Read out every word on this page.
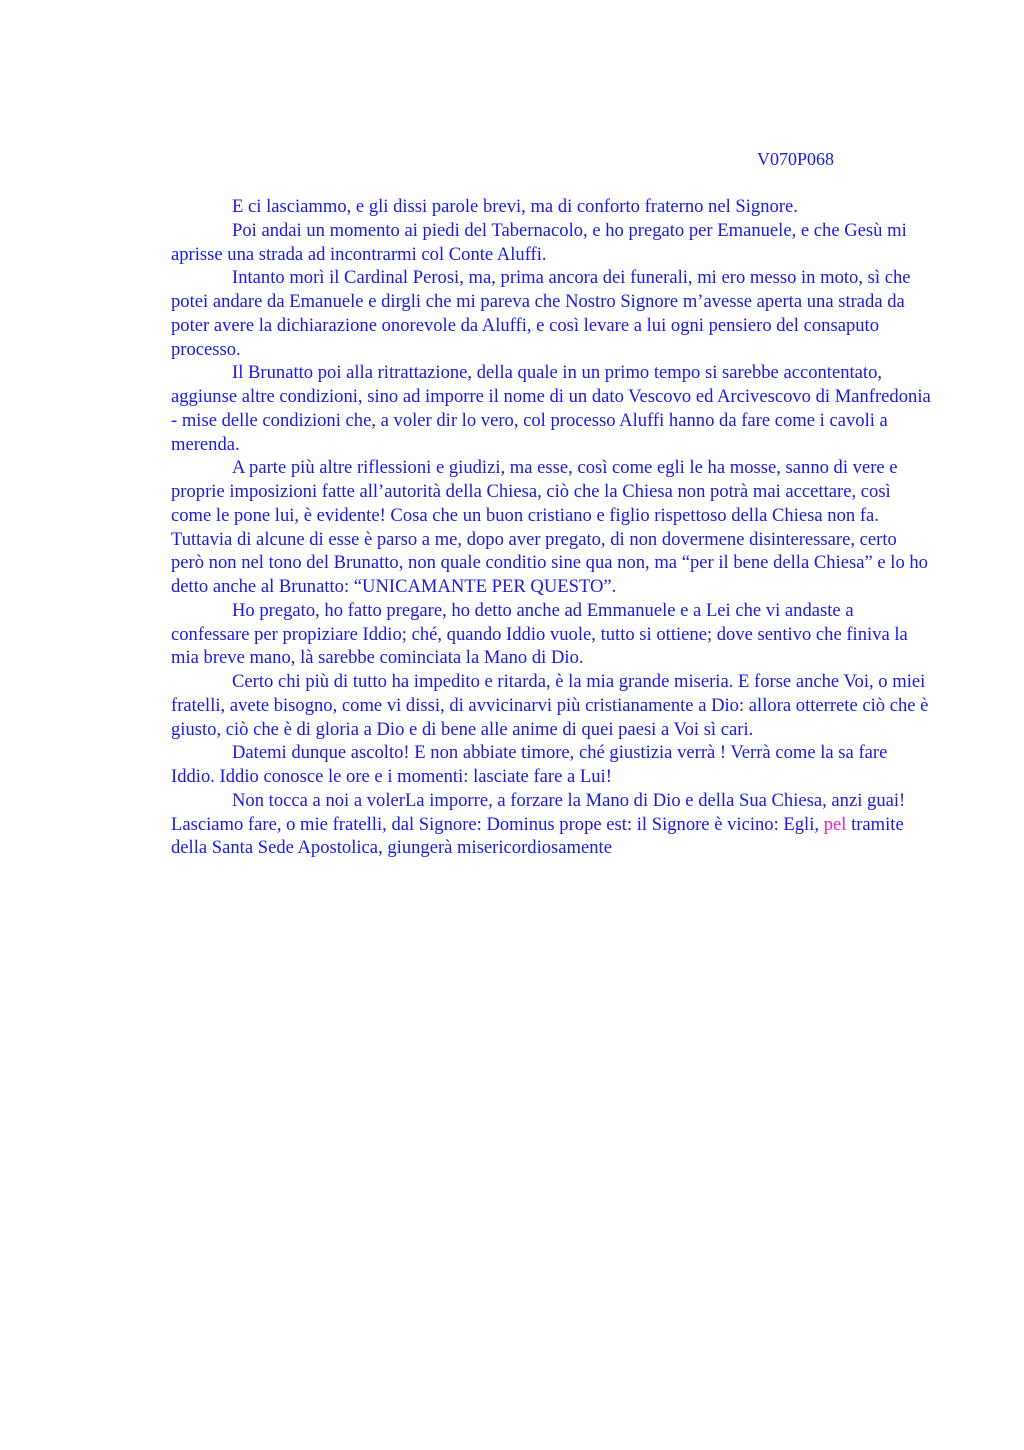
V070P068

E ci lasciammo, e gli dissi parole brevi, ma di conforto fraterno nel Signore.

Poi andai un momento ai piedi del Tabernacolo, e ho pregato per Emanuele, e che Gesù mi aprisse una strada ad incontrarmi col Conte Aluffi.

Intanto morì il Cardinal Perosi, ma, prima ancora dei funerali, mi ero messo in moto, sì che potei andare da Emanuele e dirgli che mi pareva che Nostro Signore m’avesse aperta una strada da poter avere la dichiarazione onorevole da Aluffi, e così levare a lui ogni pensiero del consaputo processo.

Il Brunatto poi alla ritrattazione, della quale in un primo tempo si sarebbe accontentato, aggiunse altre condizioni, sino ad imporre il nome di un dato Vescovo ed Arcivescovo di Manfredonia - mise delle condizioni che, a voler dir lo vero, col processo Aluffi hanno da fare come i cavoli a merenda.

A parte più altre riflessioni e giudizi, ma esse, così come egli le ha mosse, sanno di vere e proprie imposizioni fatte all’autorità della Chiesa, ciò che la Chiesa non potrà mai accettare, così come le pone lui, è evidente! Cosa che un buon cristiano e figlio rispettoso della Chiesa non fa. Tuttavia di alcune di esse è parso a me, dopo aver pregato, di non dovermene disinteressare, certo però non nel tono del Brunatto, non quale conditio sine qua non, ma “per il bene della Chiesa” e lo ho detto anche al Brunatto: “UNICAMANTE PER QUESTO”.

Ho pregato, ho fatto pregare, ho detto anche ad Emmanuele e a Lei che vi andaste a confessare per propiziare Iddio; ché, quando Iddio vuole, tutto si ottiene; dove sentivo che finiva la mia breve mano, là sarebbe cominciata la Mano di Dio.

Certo chi più di tutto ha impedito e ritarda, è la mia grande miseria. E forse anche Voi, o miei fratelli, avete bisogno, come vi dissi, di avvicinarvi più cristianamente a Dio: allora otterrete ciò che è giusto, ciò che è di gloria a Dio e di bene alle anime di quei paesi a Voi sì cari.

Datemi dunque ascolto! E non abbiate timore, ché giustizia verrà ! Verrà come la sa fare Iddio. Iddio conosce le ore e i momenti: lasciate fare a Lui!

Non tocca a noi a volerLa imporre, a forzare la Mano di Dio e della Sua Chiesa, anzi guai! Lasciamo fare, o mie fratelli, dal Signore: Dominus prope est: il Signore è vicino: Egli, pel tramite della Santa Sede Apostolica, giungerà misericordiosamente
